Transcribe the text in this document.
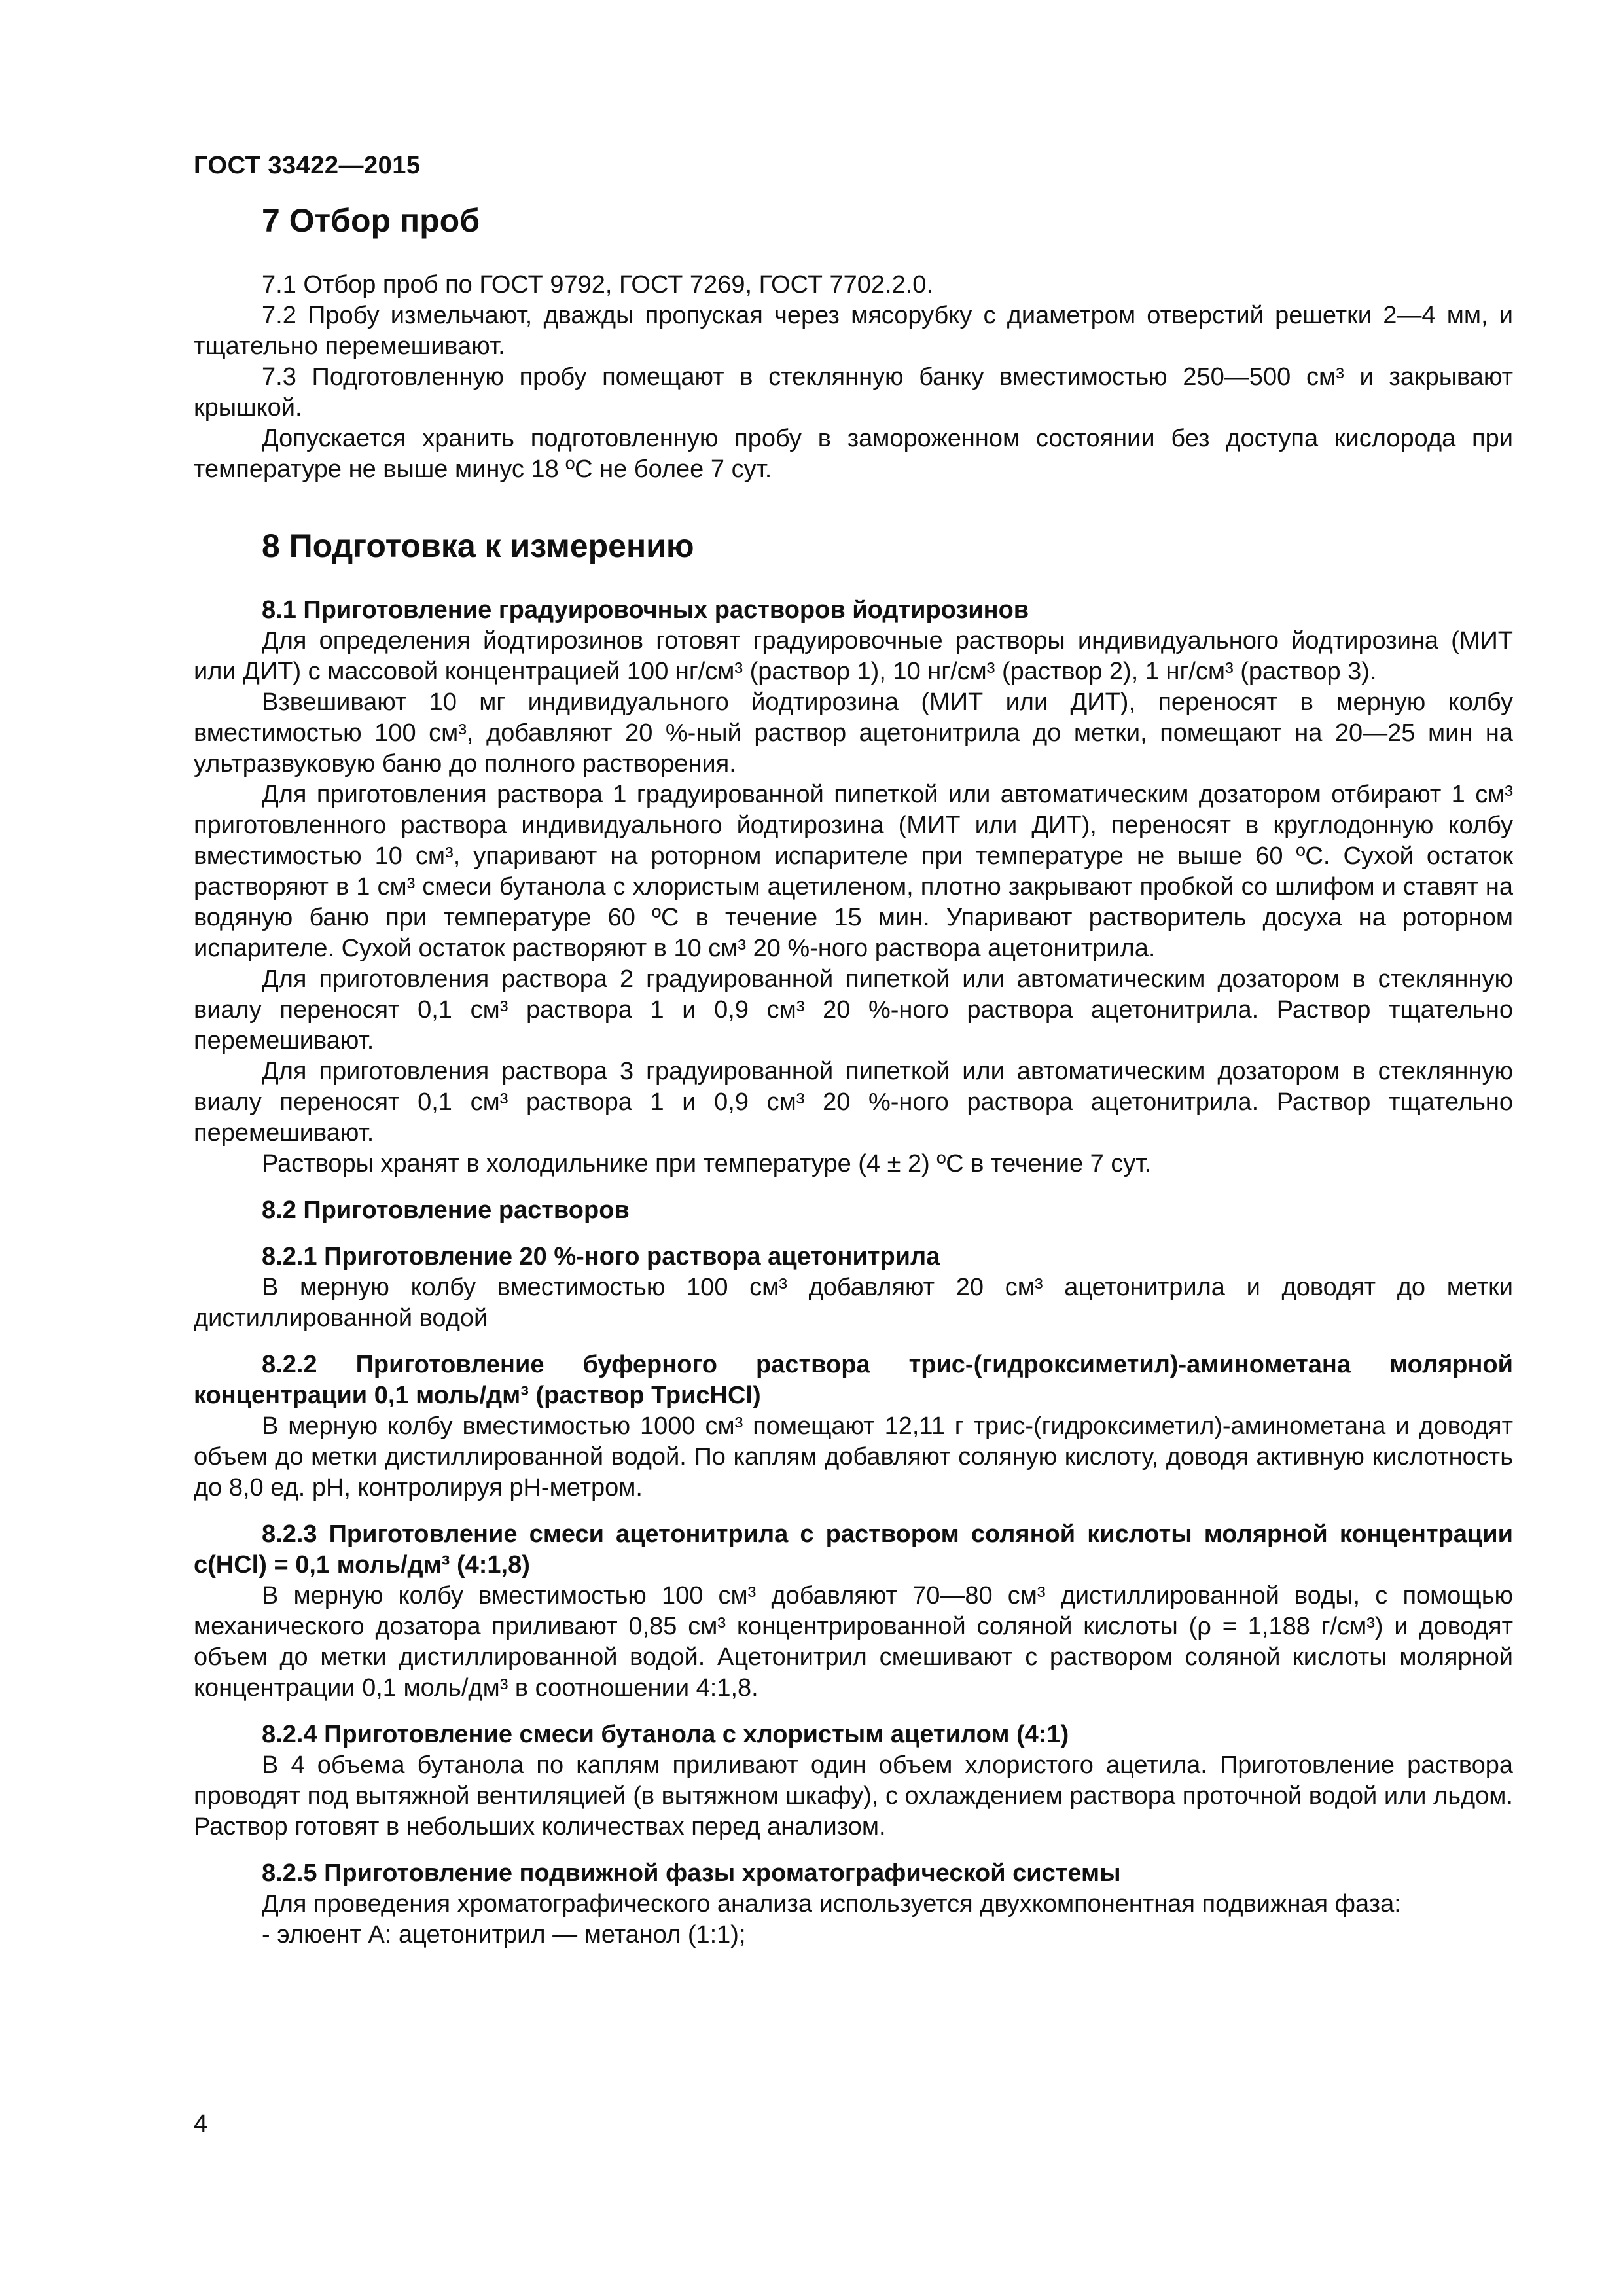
ГОСТ 33422—2015
7 Отбор проб

7.1 Отбор проб по ГОСТ 9792, ГОСТ 7269, ГОСТ 7702.2.0.

7.2 Пробу измельчают, дважды пропуская через мясорубку с диаметром отверстий решетки 2—4 мм, и тщательно перемешивают.

7.3 Подготовленную пробу помещают в стеклянную банку вместимостью 250—500 см³ и закрывают крышкой.

Допускается хранить подготовленную пробу в замороженном состоянии без доступа кислорода при температуре не выше минус 18 ºС не более 7 сут.

8 Подготовка к измерению
8.1 Приготовление градуировочных растворов йодтирозинов

Для определения йодтирозинов готовят градуировочные растворы индивидуального йодтирозина (МИТ или ДИТ) с массовой концентрацией 100 нг/см³ (раствор 1), 10 нг/см³ (раствор 2), 1 нг/см³ (раствор 3).

Взвешивают 10 мг индивидуального йодтирозина (МИТ или ДИТ), переносят в мерную колбу вместимостью 100 см³, добавляют 20 %-ный раствор ацетонитрила до метки, помещают на 20—25 мин на ультразвуковую баню до полного растворения.

Для приготовления раствора 1 градуированной пипеткой или автоматическим дозатором отбирают 1 см³ приготовленного раствора индивидуального йодтирозина (МИТ или ДИТ), переносят в круглодонную колбу вместимостью 10 см³, упаривают на роторном испарителе при температуре не выше 60 ºС. Сухой остаток растворяют в 1 см³ смеси бутанола с хлористым ацетиленом, плотно закрывают пробкой со шлифом и ставят на водяную баню при температуре 60 ºС в течение 15 мин. Упаривают растворитель досуха на роторном испарителе. Сухой остаток растворяют в 10 см³ 20 %-ного раствора ацетонитрила.

Для приготовления раствора 2 градуированной пипеткой или автоматическим дозатором в стеклянную виалу переносят 0,1 см³ раствора 1 и 0,9 см³ 20 %-ного раствора ацетонитрила. Раствор тщательно перемешивают.

Для приготовления раствора 3 градуированной пипеткой или автоматическим дозатором в стеклянную виалу переносят 0,1 см³ раствора 1 и 0,9 см³ 20 %-ного раствора ацетонитрила. Раствор тщательно перемешивают.

Растворы хранят в холодильнике при температуре (4 ± 2) ºС в течение 7 сут.

8.2 Приготовление растворов
8.2.1 Приготовление 20 %-ного раствора ацетонитрила

В мерную колбу вместимостью 100 см³ добавляют 20 см³ ацетонитрила и доводят до метки дистиллированной водой

8.2.2 Приготовление буферного раствора трис-(гидроксиметил)-аминометана молярной концентрации 0,1 моль/дм³ (раствор ТрисHCl)

В мерную колбу вместимостью 1000 см³ помещают 12,11 г трис-(гидроксиметил)-аминометана и доводят объем до метки дистиллированной водой. По каплям добавляют соляную кислоту, доводя активную кислотность до 8,0 ед. pH, контролируя pH-метром.

8.2.3 Приготовление смеси ацетонитрила с раствором соляной кислоты молярной концентрации с(HCl) = 0,1 моль/дм³ (4:1,8)

В мерную колбу вместимостью 100 см³ добавляют 70—80 см³ дистиллированной воды, с помощью механического дозатора приливают 0,85 см³ концентрированной соляной кислоты (ρ = 1,188 г/см³) и доводят объем до метки дистиллированной водой. Ацетонитрил смешивают с раствором соляной кислоты молярной концентрации 0,1 моль/дм³ в соотношении 4:1,8.

8.2.4 Приготовление смеси бутанола с хлористым ацетилом (4:1)

В 4 объема бутанола по каплям приливают один объем хлористого ацетила. Приготовление раствора проводят под вытяжной вентиляцией (в вытяжном шкафу), с охлаждением раствора проточной водой или льдом. Раствор готовят в небольших количествах перед анализом.

8.2.5 Приготовление подвижной фазы хроматографической системы

Для проведения хроматографического анализа используется двухкомпонентная подвижная фаза:

- элюент А: ацетонитрил — метанол (1:1);

4
